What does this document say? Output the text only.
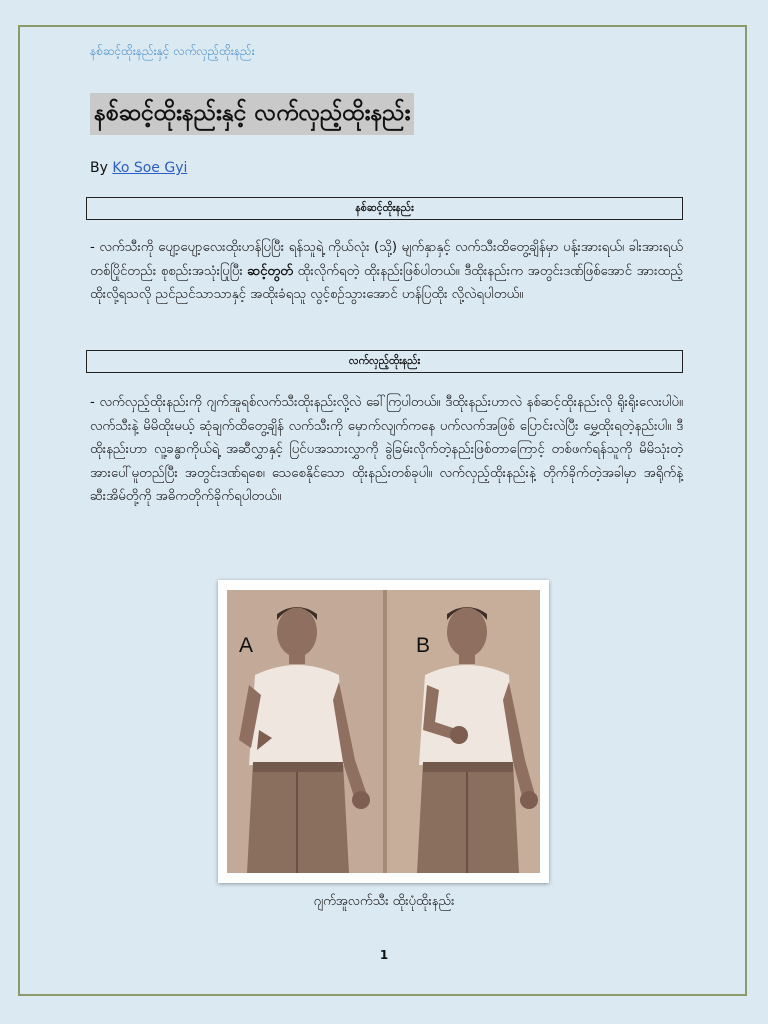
နစ်ဆင့်ထိုးနည်းနှင့် လက်လှည့်ထိုးနည်း
နစ်ဆင့်ထိုးနည်းနှင့် လက်လှည့်ထိုးနည်း
By Ko Soe Gyi
နစ်ဆင့်ထိုးနည်း
- လက်သီးကို ပျော့ပျော့လေးထိုးဟန်ပြပြီး ရန်သူရဲ့ ကိုယ်လုံး (သို့) မျက်နှာနှင့် လက်သီးထိတွေ့ချိန်မှာ ပန့်းအားရယ်၊ ခါးအားရယ် တစ်ပြိုင်တည်း စုစည်းအသုံးပြုပြီး ဆင့်တွတ် ထိုးလိုက်ရတဲ့ ထိုးနည်းဖြစ်ပါတယ်။ ဒီထိုးနည်းက အတွင်းဒဏ်ဖြစ်အောင် အားထည့်ထိုးလို့ရသလို ညင်ညင်သာသာနှင့် အထိုးခံရသူ လွင့်စဉ်သွားအောင် ဟန်ပြထိုး လို့လဲရပါတယ်။
လက်လှည့်ထိုးနည်း
- လက်လှည့်ထိုးနည်းကို ဂျက်အူရစ်လက်သီးထိုးနည်းလို့လဲ ခေါ်ကြပါတယ်။ ဒီထိုးနည်းဟာလဲ နစ်ဆင့်ထိုးနည်းလို ရိုးရိုးလေးပါပဲ။ လက်သီးနဲ့ မိမိထိုးမယ့် ဆုံချက်ထိတွေ့ချိန် လက်သီးကို မှောက်လျက်ကနေ ပက်လက်အဖြစ် ပြောင်းလဲပြီး မွှေ့ထိုးရတဲ့နည်းပါ။ ဒီထိုးနည်းဟာ လူ့ခန္ဓာကိုယ်ရဲ့ အဆီလွှာနှင့် ပြင်ပအသားလွှာကို ခွဲခြမ်းလိုက်တဲ့နည်းဖြစ်တာကြောင့် တစ်ဖက်ရန်သူကို မိမိသုံးတဲ့ အားပေါ်မူတည်ပြီး အတွင်းဒဏ်ရစေ၊ သေစေနိုင်သော ထိုးနည်းတစ်ခုပါ။ လက်လှည့်ထိုးနည်းနဲ့ တိုက်ခိုက်တဲ့အခါမှာ အရိုက်နဲ့ ဆီးအိမ်တို့ကို အဓိကတိုက်ခိုက်ရပါတယ်။
A	B
ဂျက်အူလက်သီး ထိုးပုံထိုးနည်း
1
